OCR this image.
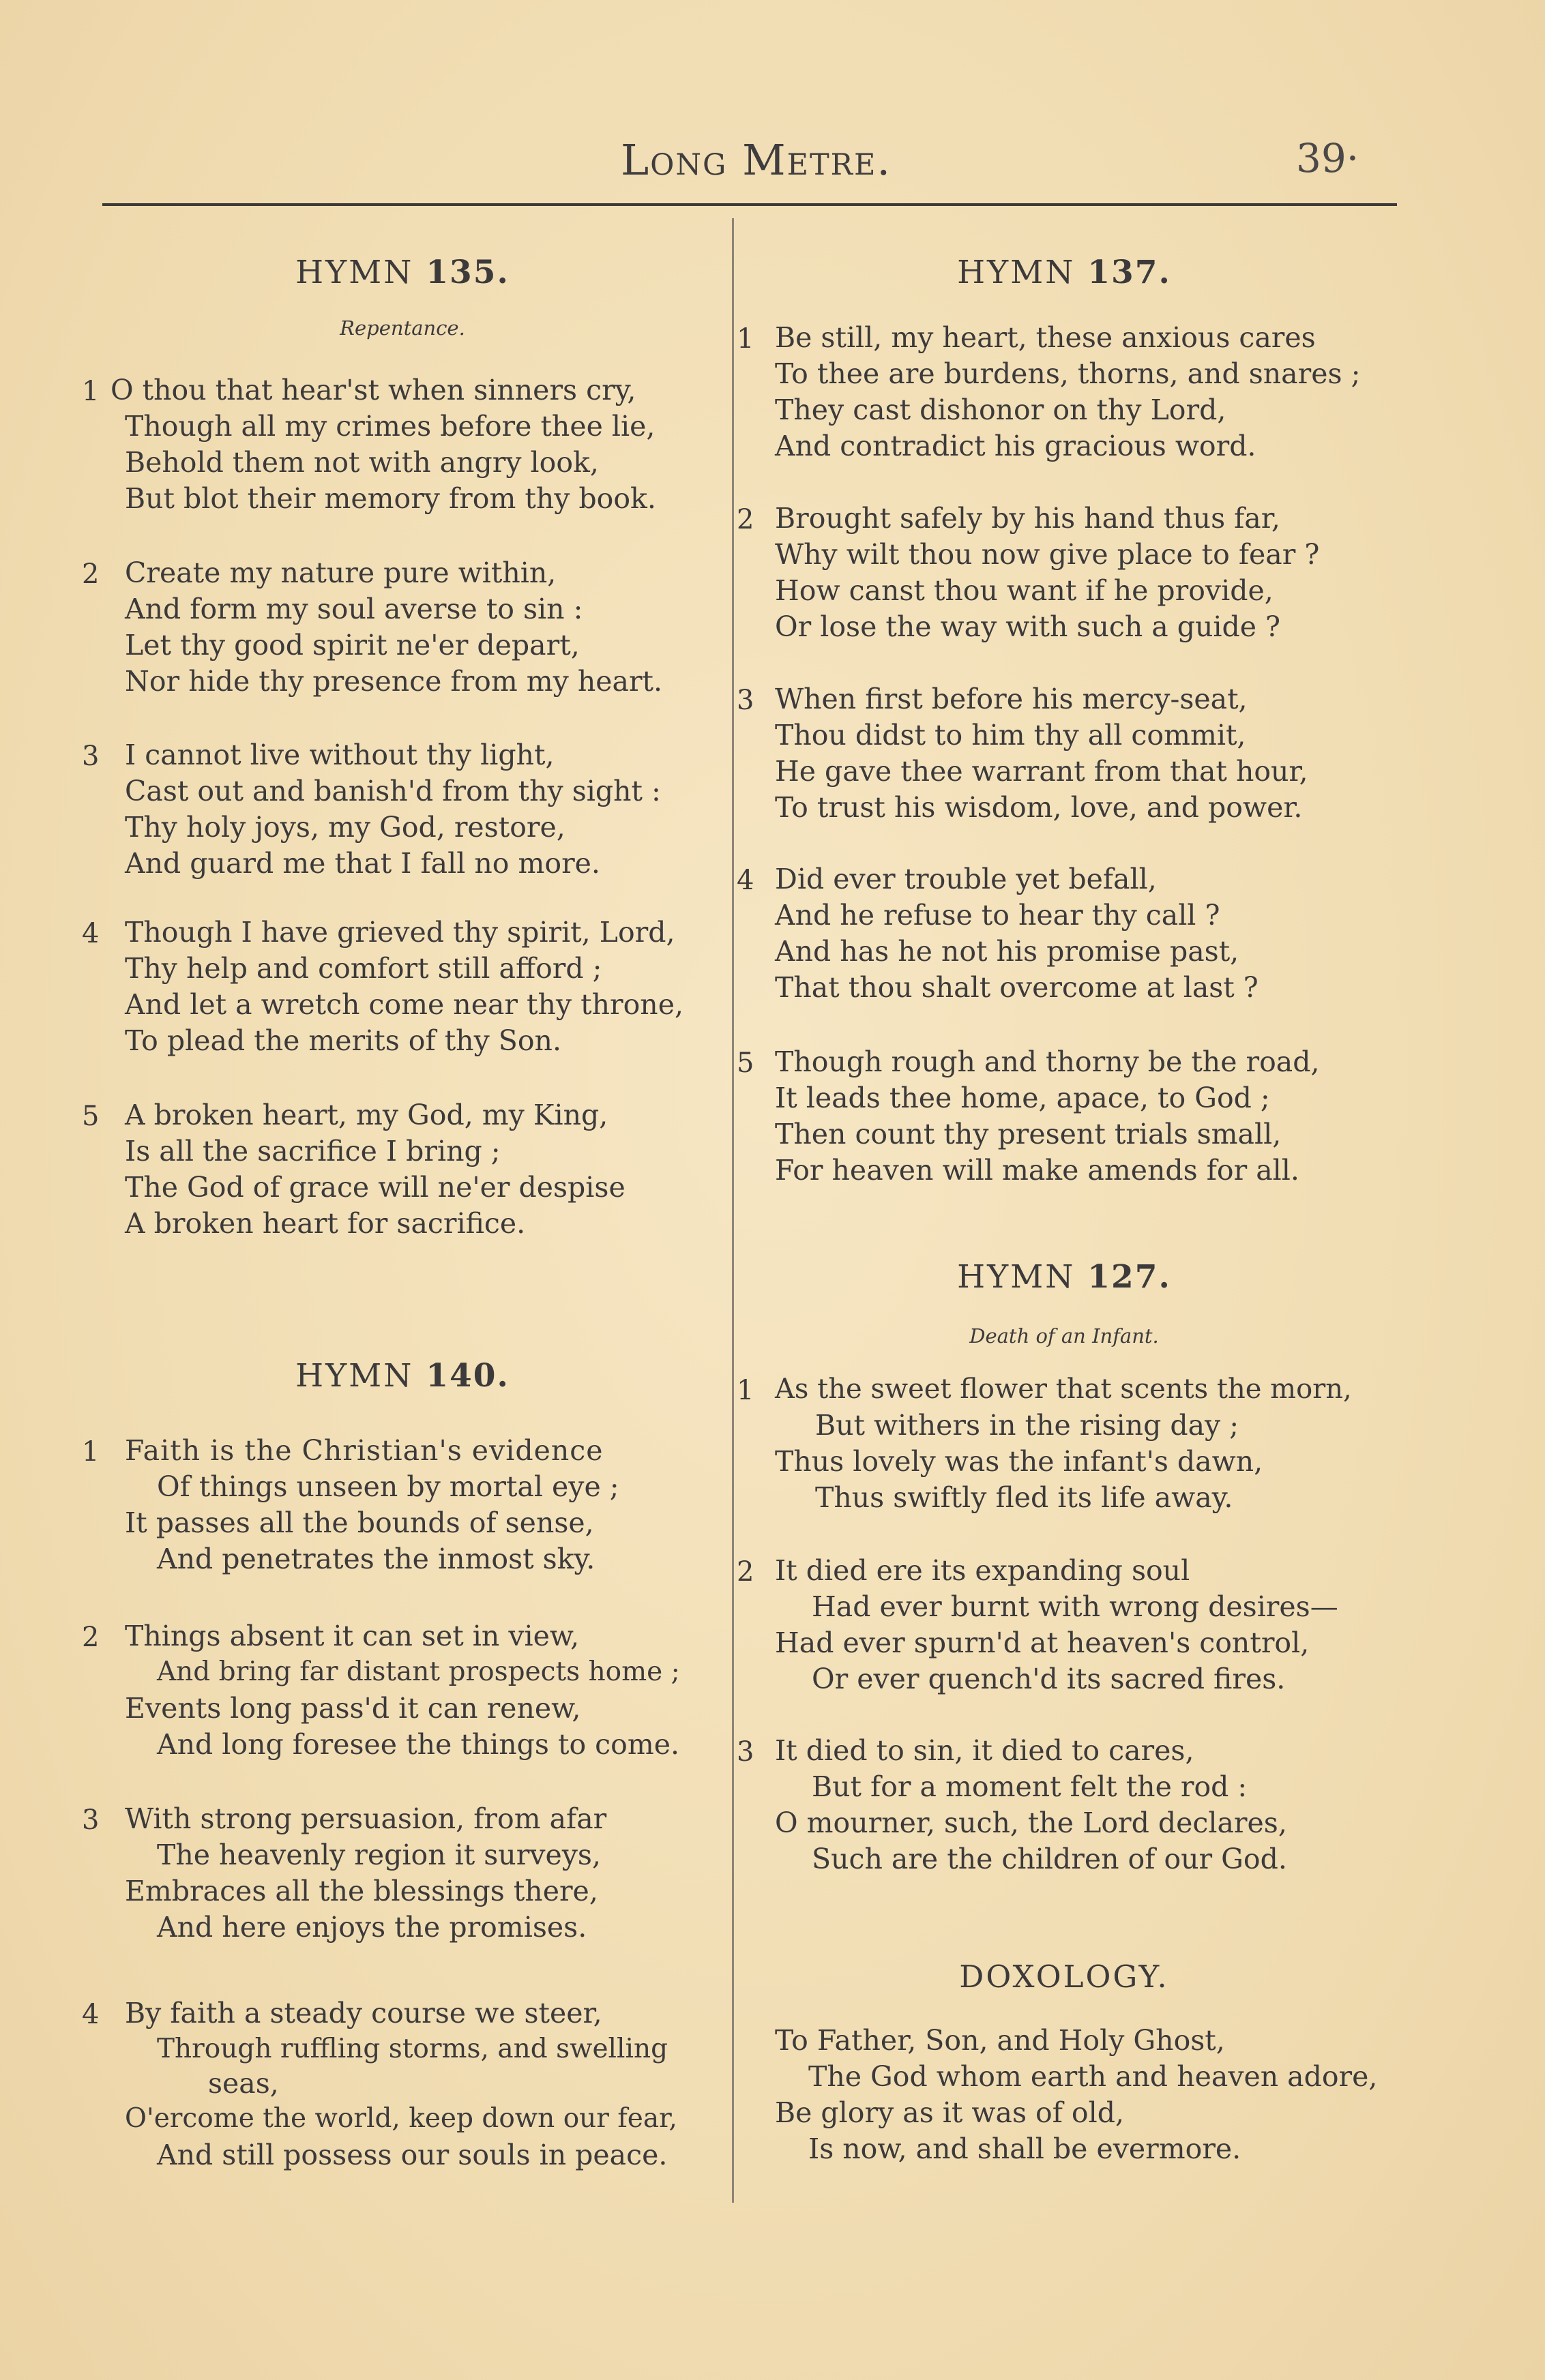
Long Metre.	39·
HYMN 135.
Repentance.
1 O thou that hear'st when sinners cry,
Though all my crimes before thee lie,
Behold them not with angry look,
But blot their memory from thy book.
2 Create my nature pure within,
And form my soul averse to sin :
Let thy good spirit ne'er depart,
Nor hide thy presence from my heart.
3 I cannot live without thy light,
Cast out and banish'd from thy sight :
Thy holy joys, my God, restore,
And guard me that I fall no more.
4 Though I have grieved thy spirit, Lord,
Thy help and comfort still afford ;
And let a wretch come near thy throne,
To plead the merits of thy Son.
5 A broken heart, my God, my King,
Is all the sacrifice I bring ;
The God of grace will ne'er despise
A broken heart for sacrifice.
HYMN 140.
1 Faith is the Christian's evidence
Of things unseen by mortal eye ;
It passes all the bounds of sense,
And penetrates the inmost sky.
2 Things absent it can set in view,
And bring far distant prospects home ;
Events long pass'd it can renew,
And long foresee the things to come.
3 With strong persuasion, from afar
The heavenly region it surveys,
Embraces all the blessings there,
And here enjoys the promises.
4 By faith a steady course we steer,
Through ruffling storms, and swelling
seas,
O'ercome the world, keep down our fear,
And still possess our souls in peace.
HYMN 137.
1 Be still, my heart, these anxious cares
To thee are burdens, thorns, and snares ;
They cast dishonor on thy Lord,
And contradict his gracious word.
2 Brought safely by his hand thus far,
Why wilt thou now give place to fear ?
How canst thou want if he provide,
Or lose the way with such a guide ?
3 When first before his mercy-seat,
Thou didst to him thy all commit,
He gave thee warrant from that hour,
To trust his wisdom, love, and power.
4 Did ever trouble yet befall,
And he refuse to hear thy call ?
And has he not his promise past,
That thou shalt overcome at last ?
5 Though rough and thorny be the road,
It leads thee home, apace, to God ;
Then count thy present trials small,
For heaven will make amends for all.
HYMN 127.
Death of an Infant.
1 As the sweet flower that scents the morn,
But withers in the rising day ;
Thus lovely was the infant's dawn,
Thus swiftly fled its life away.
2 It died ere its expanding soul
Had ever burnt with wrong desires—
Had ever spurn'd at heaven's control,
Or ever quench'd its sacred fires.
3 It died to sin, it died to cares,
But for a moment felt the rod :
O mourner, such, the Lord declares,
Such are the children of our God.
DOXOLOGY.
To Father, Son, and Holy Ghost,
The God whom earth and heaven adore,
Be glory as it was of old,
Is now, and shall be evermore.
